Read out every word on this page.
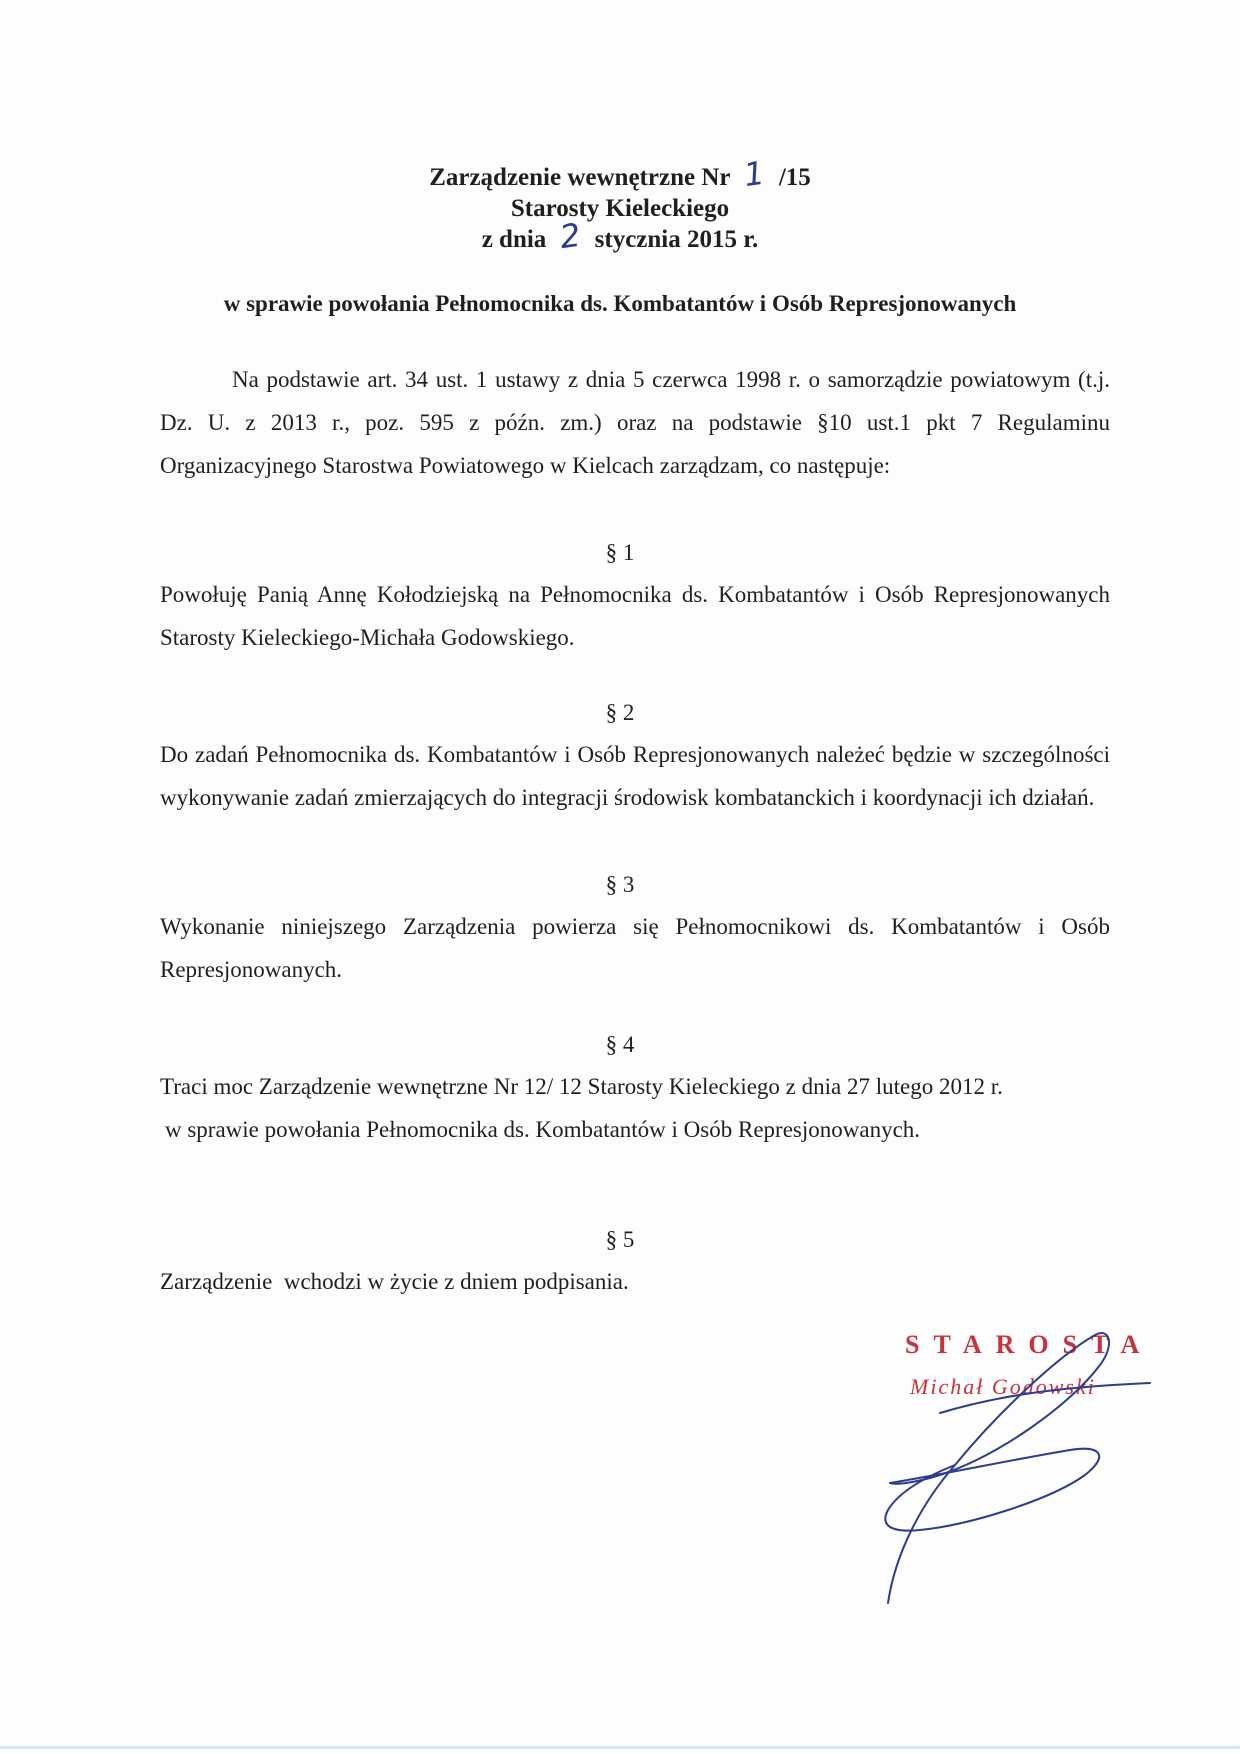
Zarządzenie wewnętrzne Nr 1 /15
Starosty Kieleckiego
z dnia 2 stycznia 2015 r.
w sprawie powołania Pełnomocnika ds. Kombatantów i Osób Represjonowanych
Na podstawie art. 34 ust. 1 ustawy z dnia 5 czerwca 1998 r. o samorządzie powiatowym (t.j. Dz. U. z 2013 r., poz. 595 z późn. zm.) oraz na podstawie §10 ust.1 pkt 7 Regulaminu Organizacyjnego Starostwa Powiatowego w Kielcach zarządzam, co następuje:
§ 1
Powołuję Panią Annę Kołodziejską na Pełnomocnika ds. Kombatantów i Osób Represjonowanych Starosty Kieleckiego-Michała Godowskiego.
§ 2
Do zadań Pełnomocnika ds. Kombatantów i Osób Represjonowanych należeć będzie w szczególności wykonywanie zadań zmierzających do integracji środowisk kombatanckich i koordynacji ich działań.
§ 3
Wykonanie niniejszego Zarządzenia powierza się Pełnomocnikowi ds. Kombatantów i Osób Represjonowanych.
§ 4
Traci moc Zarządzenie wewnętrzne Nr 12/ 12 Starosty Kieleckiego z dnia 27 lutego 2012 r.
w sprawie powołania Pełnomocnika ds. Kombatantów i Osób Represjonowanych.
§ 5
Zarządzenie  wchodzi w życie z dniem podpisania.
STAROSTA
Michał Godowski
